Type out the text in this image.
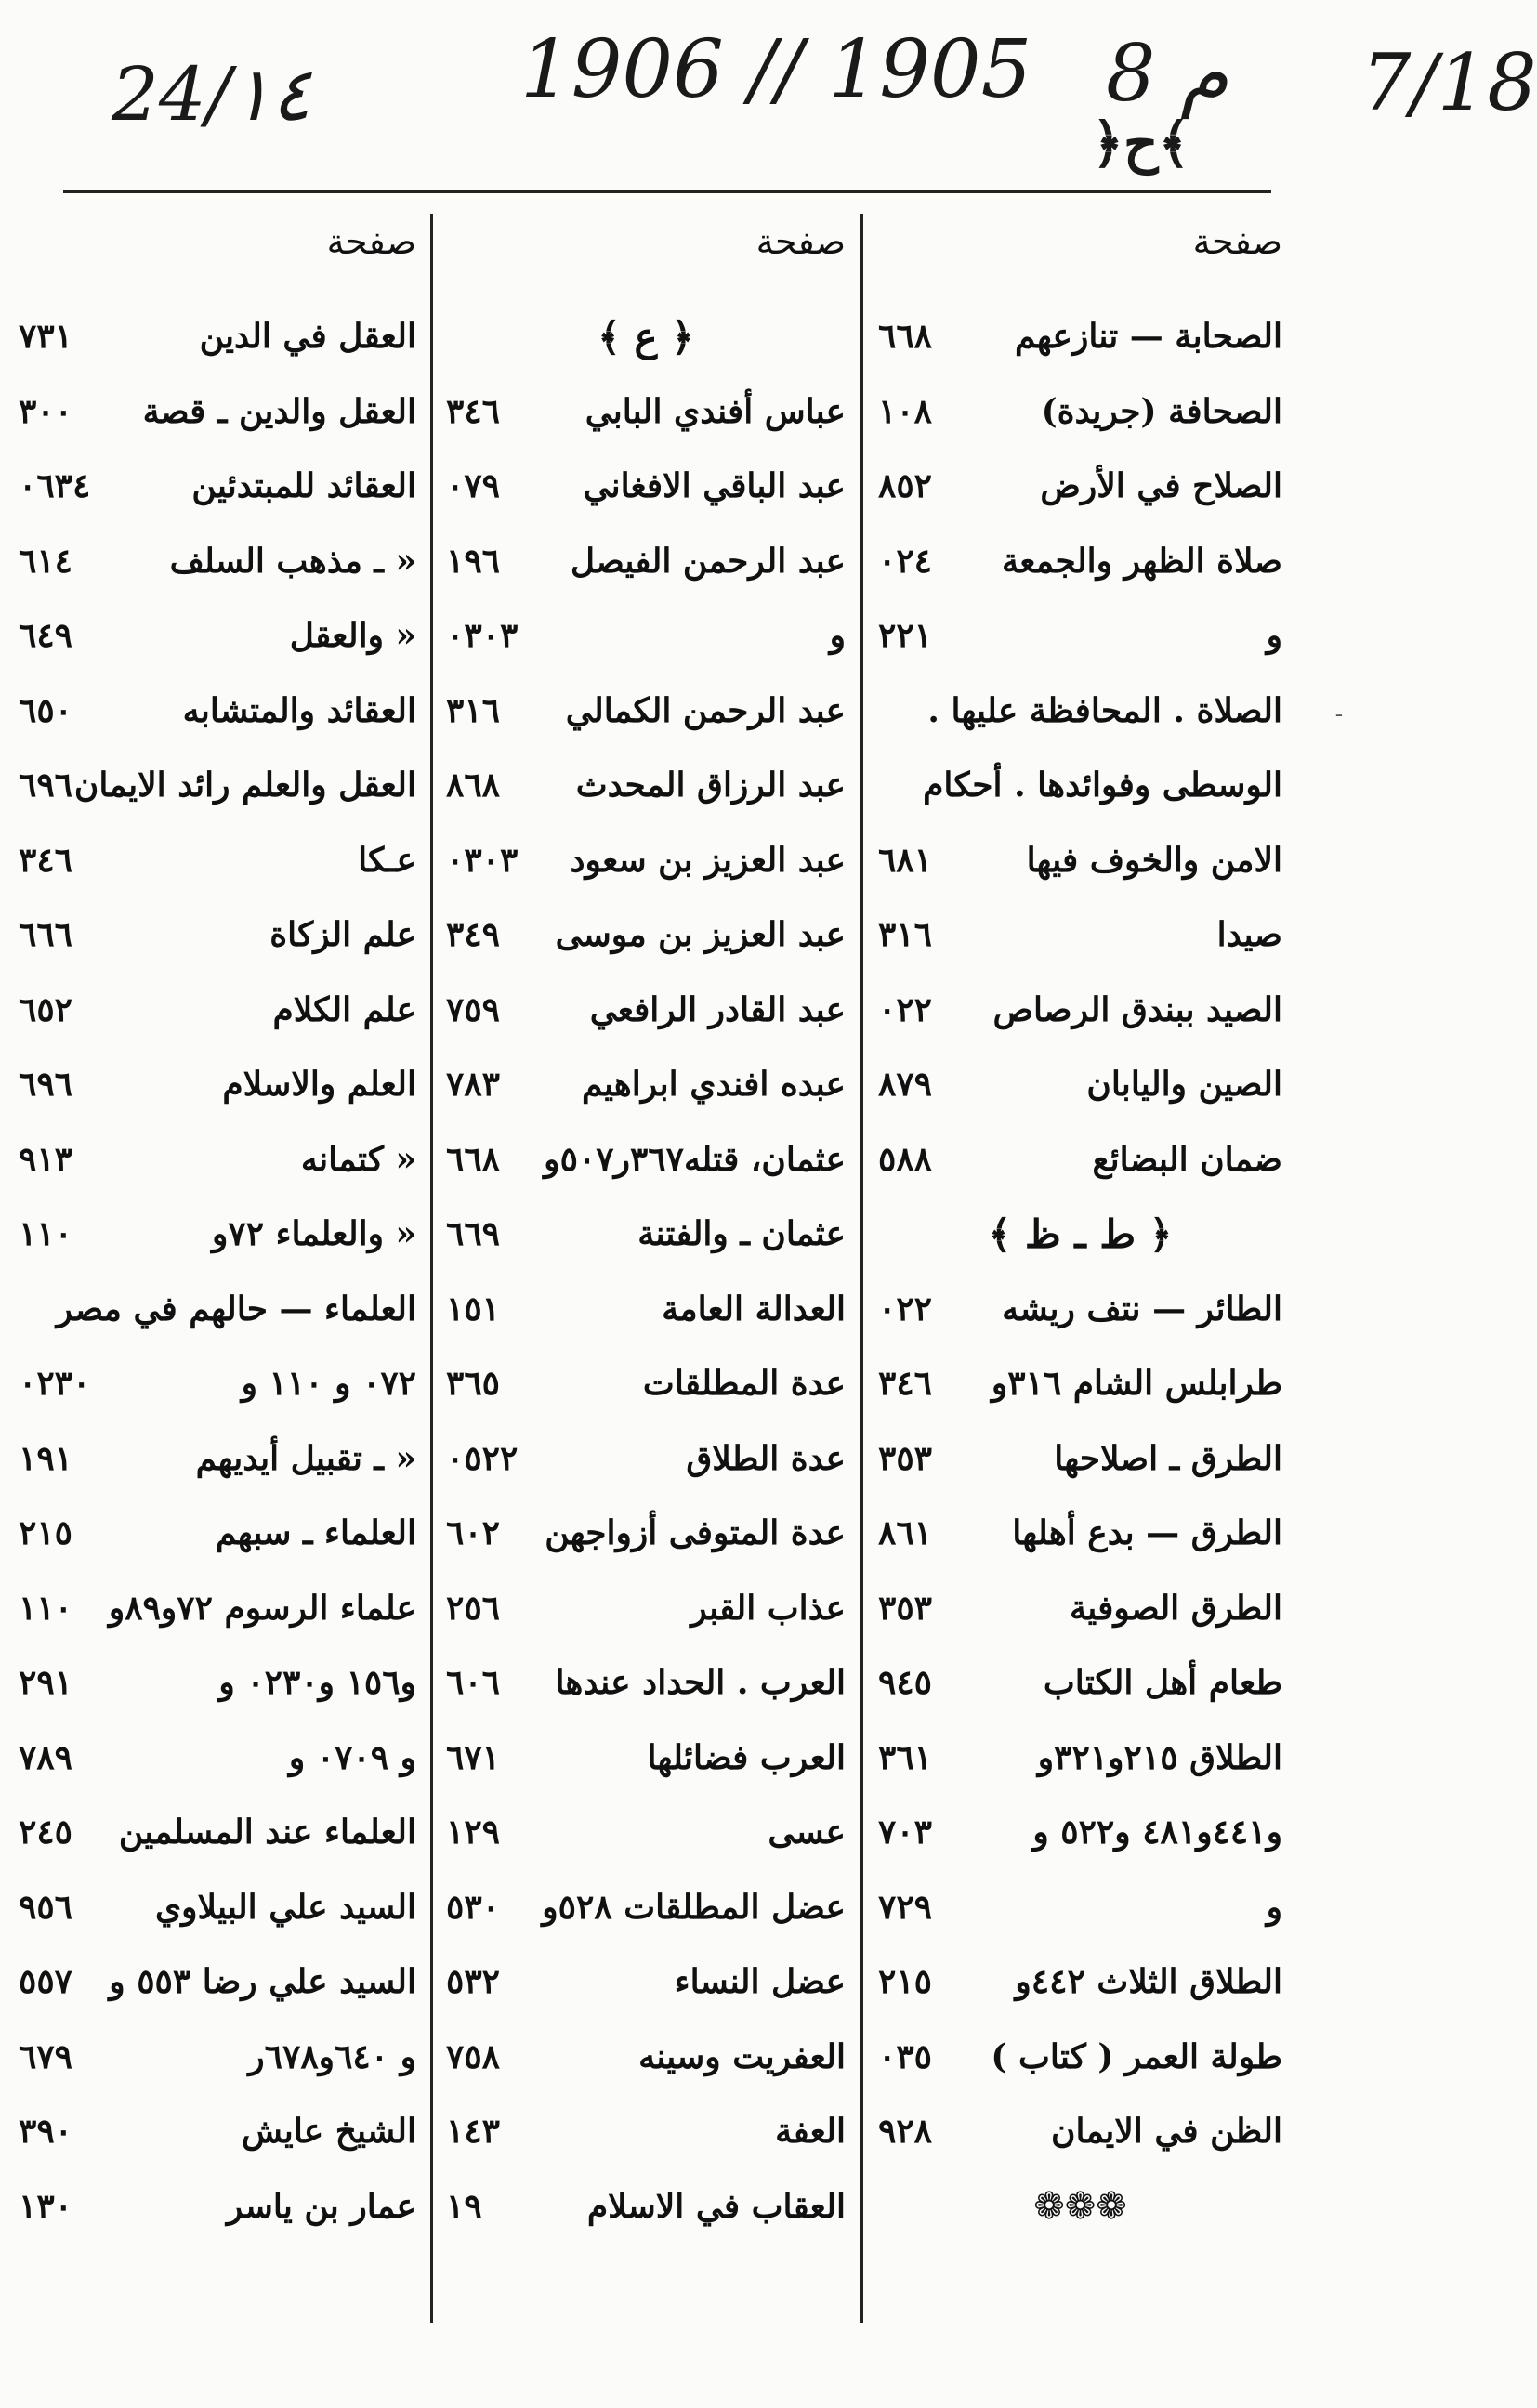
24/١٤	1906 // 1905 8 م
﴿ح﴾
7/18
صفحة
الصحابة — تنازعهم
٦٦٨
الصحافة (جريدة)
١٠٨
الصلاح في الأرض
٨٥٢
صلاة الظهر والجمعة
٠٢٤
و
٢٢١
الصلاة . المحافظة عليها .
الوسطى وفوائدها . أحكام
الامن والخوف فيها
٦٨١
صيدا
٣١٦
الصيد ببندق الرصاص
٠٢٢
الصين واليابان
٨٧٩
ضمان البضائع
٥٨٨
﴿ ط ـ ظ ﴾
الطائر — نتف ريشه
٠٢٢
طرابلس الشام ٣١٦و
٣٤٦
الطرق ـ اصلاحها
٣٥٣
الطرق — بدع أهلها
٨٦١
الطرق الصوفية
٣٥٣
طعام أهل الكتاب
٩٤٥
الطلاق ٢١٥و٣٢١و
٣٦١
و٤٤١و٤٨١ و٥٢٢ و
٧٠٣
و
٧٢٩
الطلاق الثلاث ٤٤٢و
٢١٥
طولة العمر ( كتاب )
٠٣٥
الظن في الايمان
٩٢٨
❁❁❁
صفحة
﴿ ع ﴾
عباس أفندي البابي
٣٤٦
عبد الباقي الافغاني
٠٧٩
عبد الرحمن الفيصل
١٩٦
و
٠٣٠٣
عبد الرحمن الكمالي
٣١٦
عبد الرزاق المحدث
٨٦٨
عبد العزيز بن سعود
٠٣٠٣
عبد العزيز بن موسى
٣٤٩
عبد القادر الرافعي
٧٥٩
عبده افندي ابراهيم
٧٨٣
عثمان، قتله٣٦٧ر٥٠٧و
٦٦٨
عثمان ـ والفتنة
٦٦٩
العدالة العامة
١٥١
عدة المطلقات
٣٦٥
عدة الطلاق
٠٥٢٢
عدة المتوفى أزواجهن
٦٠٢
عذاب القبر
٢٥٦
العرب . الحداد عندها
٦٠٦
العرب فضائلها
٦٧١
عسى
١٢٩
عضل المطلقات ٥٢٨و
٥٣٠
عضل النساء
٥٣٢
العفريت وسينه
٧٥٨
العفة
١٤٣
العقاب في الاسلام
١٩
صفحة
العقل في الدين
٧٣١
العقل والدين ـ قصة
٣٠٠
العقائد للمبتدئين
٠٦٣٤
« ـ مذهب السلف
٦١٤
« والعقل
٦٤٩
العقائد والمتشابه
٦٥٠
العقل والعلم رائد الايمان
٦٩٦
عـكا
٣٤٦
علم الزكاة
٦٦٦
علم الكلام
٦٥٢
العلم والاسلام
٦٩٦
« كتمانه
٩١٣
« والعلماء ٧٢و
١١٠
العلماء — حالهم في مصر
٠٧٢ و ١١٠ و
٠٢٣٠
« ـ تقبيل أيديهم
١٩١
العلماء ـ سبهم
٢١٥
علماء الرسوم ٧٢و٨٩و
١١٠
و١٥٦ و٠٢٣٠ و
٢٩١
و ٠٧٠٩ و
٧٨٩
العلماء عند المسلمين
٢٤٥
السيد علي البيلاوي
٩٥٦
السيد علي رضا ٥٥٣ و
٥٥٧
و ٦٤٠و٦٧٨ر
٦٧٩
الشيخ عايش
٣٩٠
عمار بن ياسر
١٣٠
ـ
